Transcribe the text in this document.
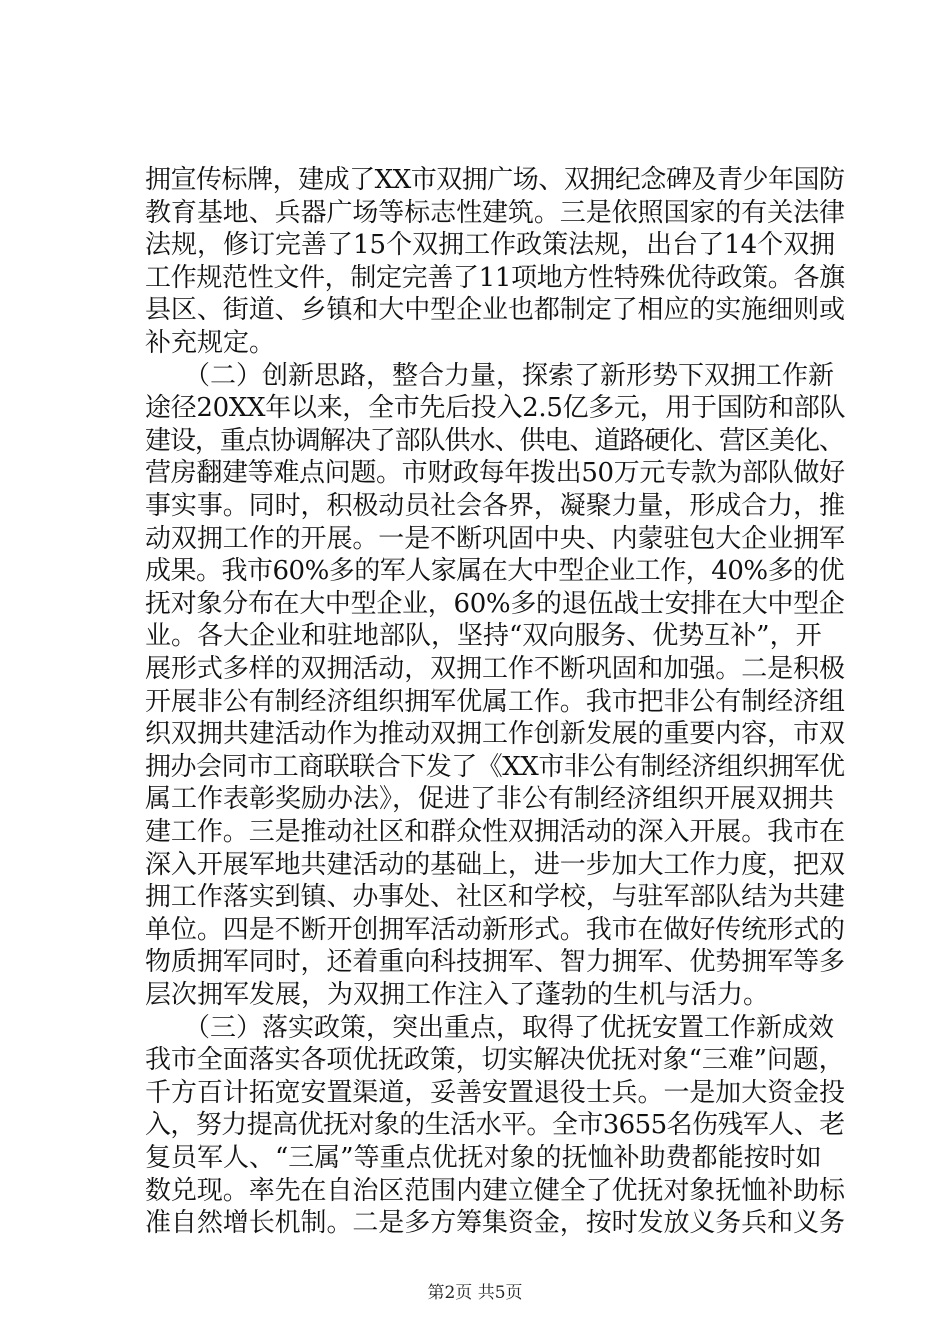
拥宣传标牌，建成了XX市双拥广场、双拥纪念碑及青少年国防
教育基地、兵器广场等标志性建筑。三是依照国家的有关法律
法规，修订完善了15个双拥工作政策法规，出台了14个双拥
工作规范性文件，制定完善了11项地方性特殊优待政策。各旗
县区、街道、乡镇和大中型企业也都制定了相应的实施细则或
补充规定。
　　（二）创新思路，整合力量，探索了新形势下双拥工作新
途径20XX年以来，全市先后投入2.5亿多元，用于国防和部队
建设，重点协调解决了部队供水、供电、道路硬化、营区美化、
营房翻建等难点问题。市财政每年拨出50万元专款为部队做好
事实事。同时，积极动员社会各界，凝聚力量，形成合力，推
动双拥工作的开展。一是不断巩固中央、内蒙驻包大企业拥军
成果。我市60%多的军人家属在大中型企业工作，40%多的优
抚对象分布在大中型企业，60%多的退伍战士安排在大中型企
业。各大企业和驻地部队，坚持“双向服务、优势互补”，开
展形式多样的双拥活动，双拥工作不断巩固和加强。二是积极
开展非公有制经济组织拥军优属工作。我市把非公有制经济组
织双拥共建活动作为推动双拥工作创新发展的重要内容，市双
拥办会同市工商联联合下发了《XX市非公有制经济组织拥军优
属工作表彰奖励办法》，促进了非公有制经济组织开展双拥共
建工作。三是推动社区和群众性双拥活动的深入开展。我市在
深入开展军地共建活动的基础上，进一步加大工作力度，把双
拥工作落实到镇、办事处、社区和学校，与驻军部队结为共建
单位。四是不断开创拥军活动新形式。我市在做好传统形式的
物质拥军同时，还着重向科技拥军、智力拥军、优势拥军等多
层次拥军发展，为双拥工作注入了蓬勃的生机与活力。
　　（三）落实政策，突出重点，取得了优抚安置工作新成效
我市全面落实各项优抚政策，切实解决优抚对象“三难”问题，
千方百计拓宽安置渠道，妥善安置退役士兵。一是加大资金投
入，努力提高优抚对象的生活水平。全市3655名伤残军人、老
复员军人、“三属”等重点优抚对象的抚恤补助费都能按时如
数兑现。率先在自治区范围内建立健全了优抚对象抚恤补助标
准自然增长机制。二是多方筹集资金，按时发放义务兵和义务
第2页 共5页
